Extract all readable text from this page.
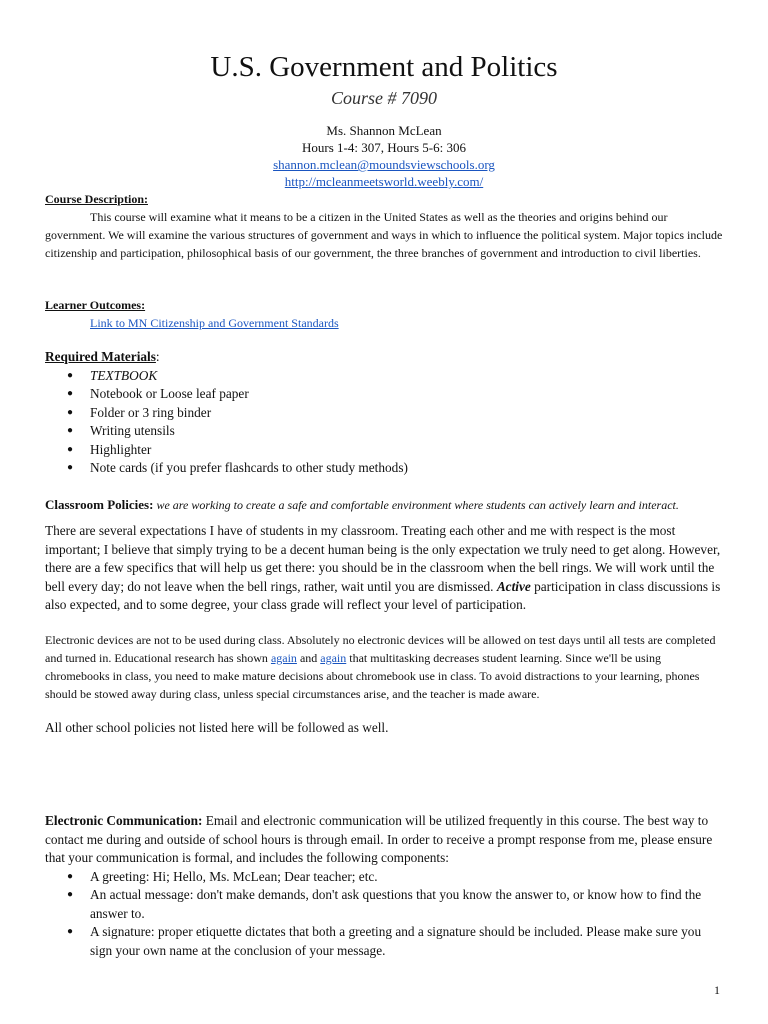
U.S. Government and Politics
Course # 7090
Ms. Shannon McLean
Hours 1-4: 307, Hours 5-6: 306
shannon.mclean@moundsviewschools.org
http://mcleanmeetsworld.weebly.com/
Course Description:
This course will examine what it means to be a citizen in the United States as well as the theories and origins behind our government. We will examine the various structures of government and ways in which to influence the political system. Major topics include citizenship and participation, philosophical basis of our government, the three branches of government and introduction to civil liberties.
Learner Outcomes:
Link to MN Citizenship and Government Standards
Required Materials:
● TEXTBOOK
● Notebook or Loose leaf paper
● Folder or 3 ring binder
● Writing utensils
● Highlighter
● Note cards (if you prefer flashcards to other study methods)
Classroom Policies: we are working to create a safe and comfortable environment where students can actively learn and interact.
There are several expectations I have of students in my classroom. Treating each other and me with respect is the most important; I believe that simply trying to be a decent human being is the only expectation we truly need to get along. However, there are a few specifics that will help us get there: you should be in the classroom when the bell rings. We will work until the bell every day; do not leave when the bell rings, rather, wait until you are dismissed. Active participation in class discussions is also expected, and to some degree, your class grade will reflect your level of participation.
Electronic devices are not to be used during class. Absolutely no electronic devices will be allowed on test days until all tests are completed and turned in. Educational research has shown again and again that multitasking decreases student learning. Since we'll be using chromebooks in class, you need to make mature decisions about chromebook use in class. To avoid distractions to your learning, phones should be stowed away during class, unless special circumstances arise, and the teacher is made aware.
All other school policies not listed here will be followed as well.
Electronic Communication: Email and electronic communication will be utilized frequently in this course. The best way to contact me during and outside of school hours is through email. In order to receive a prompt response from me, please ensure that your communication is formal, and includes the following components:
● A greeting: Hi; Hello, Ms. McLean; Dear teacher; etc.
● An actual message: don't make demands, don't ask questions that you know the answer to, or know how to find the answer to.
● A signature: proper etiquette dictates that both a greeting and a signature should be included. Please make sure you sign your own name at the conclusion of your message.
1
